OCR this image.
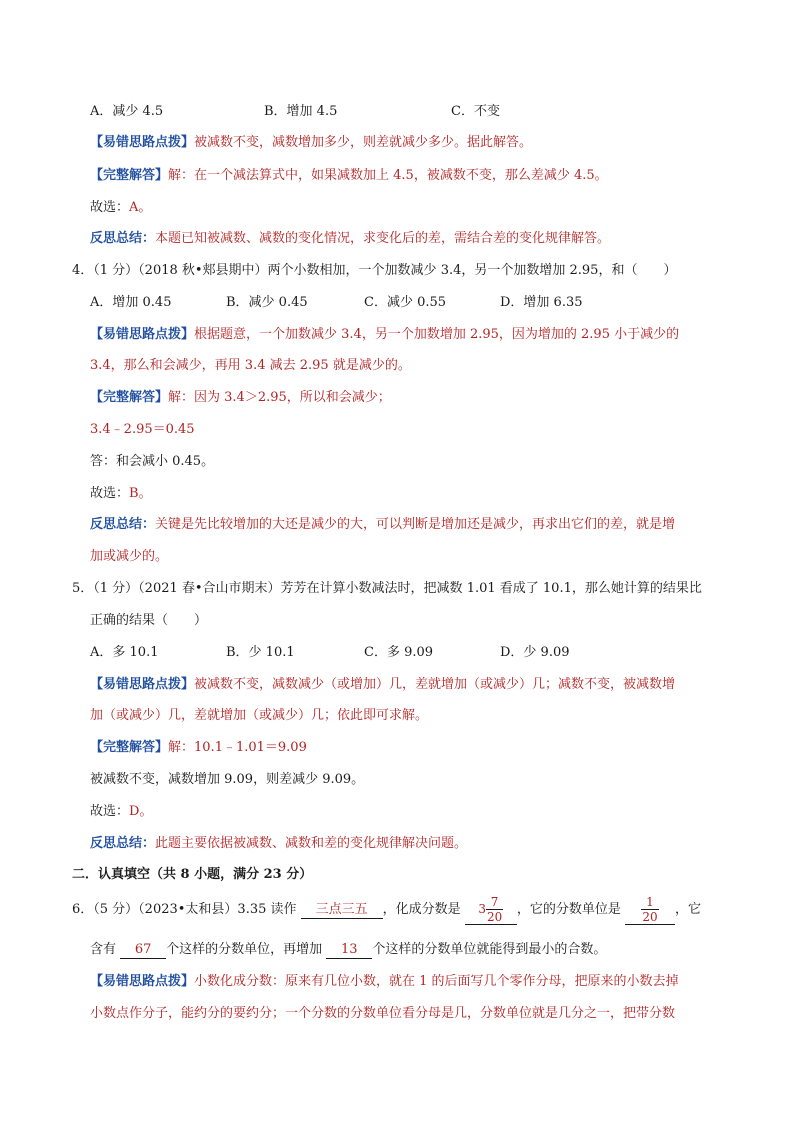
A．减少 4.5	B．增加 4.5	C．不变
【易错思路点拨】被减数不变，减数增加多少，则差就减少多少。据此解答。
【完整解答】解：在一个减法算式中，如果减数加上 4.5，被减数不变，那么差减少 4.5。
故选：A。
反思总结：本题已知被减数、减数的变化情况，求变化后的差，需结合差的变化规律解答。
4．（1 分）（2018 秋•郏县期中）两个小数相加，一个加数减少 3.4，另一个加数增加 2.95，和（　　）
A．增加 0.45	B．减少 0.45	C．减少 0.55	D．增加 6.35
【易错思路点拨】根据题意，一个加数减少 3.4，另一个加数增加 2.95，因为增加的 2.95 小于减少的
3.4，那么和会减少，再用 3.4 减去 2.95 就是减少的。
【完整解答】解：因为 3.4＞2.95，所以和会减少；
3.4﹣2.95＝0.45
答：和会减小 0.45。
故选：B。
反思总结：关键是先比较增加的大还是减少的大，可以判断是增加还是减少，再求出它们的差，就是增
加或减少的。
5．（1 分）（2021 春•合山市期末）芳芳在计算小数减法时，把减数 1.01 看成了 10.1，那么她计算的结果比
正确的结果（　　）
A．多 10.1	B．少 10.1	C．多 9.09	D．少 9.09
【易错思路点拨】被减数不变，减数减少（或增加）几，差就增加（或减少）几；减数不变，被减数增
加（或减少）几，差就增加（或减少）几；依此即可求解。
【完整解答】解：10.1﹣1.01＝9.09
被减数不变，减数增加 9.09，则差减少 9.09。
故选：D。
反思总结：此题主要依据被减数、减数和差的变化规律解决问题。
二．认真填空（共 8 小题，满分 23 分）
6．（5 分）（2023•太和县）3.35 读作 三点三五 ，化成分数是 $3 \frac{7}{20}$ ，它的分数单位是 $\frac{1}{20}$ ，它
含有 67 个这样的分数单位，再增加 13 个这样的分数单位就能得到最小的合数。
【易错思路点拨】小数化成分数：原来有几位小数，就在 1 的后面写几个零作分母，把原来的小数去掉
小数点作分子，能约分的要约分；一个分数的分数单位看分母是几，分数单位就是几分之一，把带分数
